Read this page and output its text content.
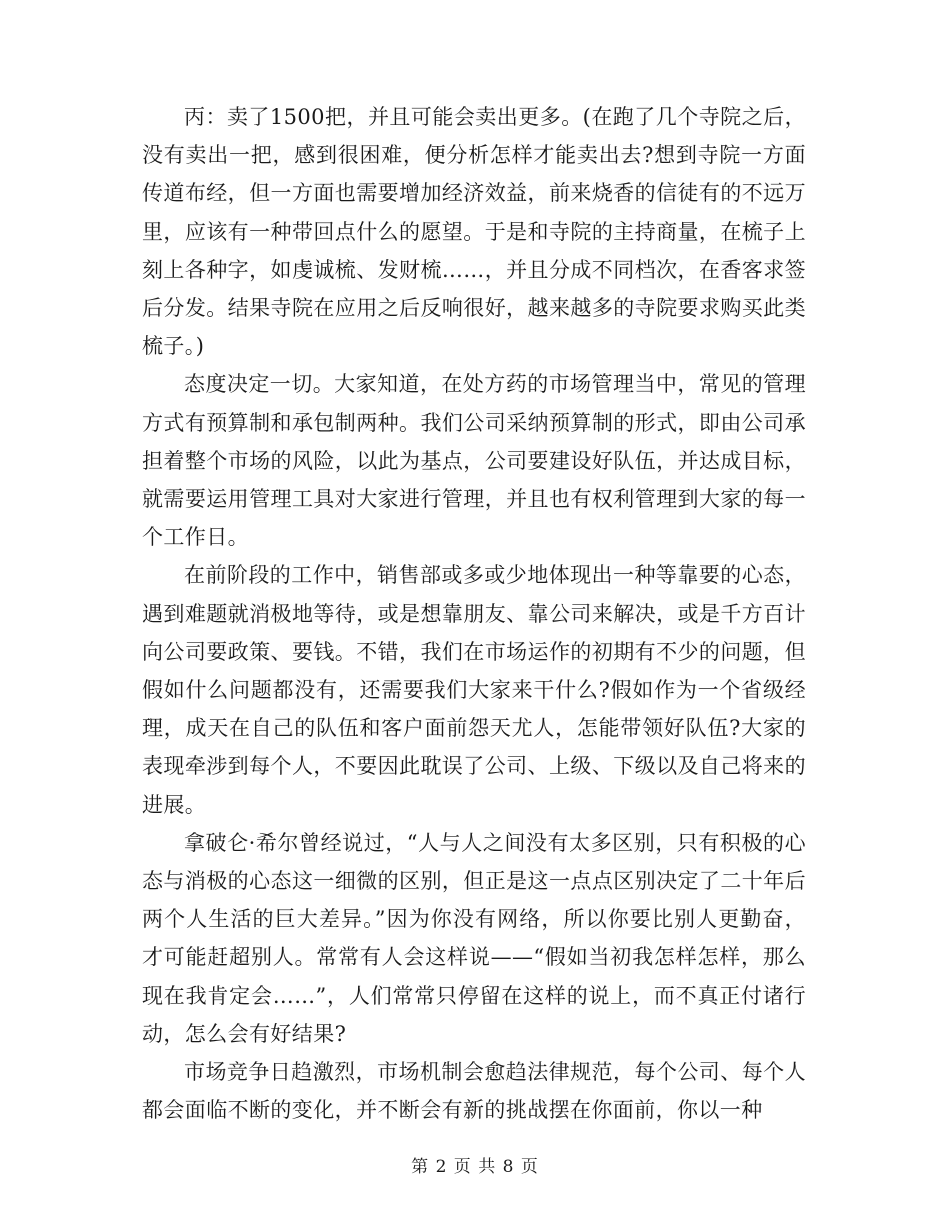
丙：卖了1500把，并且可能会卖出更多。(在跑了几个寺院之后，没有卖出一把，感到很困难，便分析怎样才能卖出去?想到寺院一方面传道布经，但一方面也需要增加经济效益，前来烧香的信徒有的不远万里，应该有一种带回点什么的愿望。于是和寺院的主持商量，在梳子上刻上各种字，如虔诚梳、发财梳……，并且分成不同档次，在香客求签后分发。结果寺院在应用之后反响很好，越来越多的寺院要求购买此类梳子。)

态度决定一切。大家知道，在处方药的市场管理当中，常见的管理方式有预算制和承包制两种。我们公司采纳预算制的形式，即由公司承担着整个市场的风险，以此为基点，公司要建设好队伍，并达成目标，就需要运用管理工具对大家进行管理，并且也有权利管理到大家的每一个工作日。

在前阶段的工作中，销售部或多或少地体现出一种等靠要的心态，遇到难题就消极地等待，或是想靠朋友、靠公司来解决，或是千方百计向公司要政策、要钱。不错，我们在市场运作的初期有不少的问题，但假如什么问题都没有，还需要我们大家来干什么?假如作为一个省级经理，成天在自己的队伍和客户面前怨天尤人，怎能带领好队伍?大家的表现牵涉到每个人，不要因此耽误了公司、上级、下级以及自己将来的进展。

拿破仑·希尔曾经说过，“人与人之间没有太多区别，只有积极的心态与消极的心态这一细微的区别，但正是这一点点区别决定了二十年后两个人生活的巨大差异。”因为你没有网络，所以你要比别人更勤奋，才可能赶超别人。常常有人会这样说——“假如当初我怎样怎样，那么现在我肯定会……”，人们常常只停留在这样的说上，而不真正付诸行动，怎么会有好结果?

市场竞争日趋激烈，市场机制会愈趋法律规范，每个公司、每个人都会面临不断的变化，并不断会有新的挑战摆在你面前，你以一种

第 2 页 共 8 页
